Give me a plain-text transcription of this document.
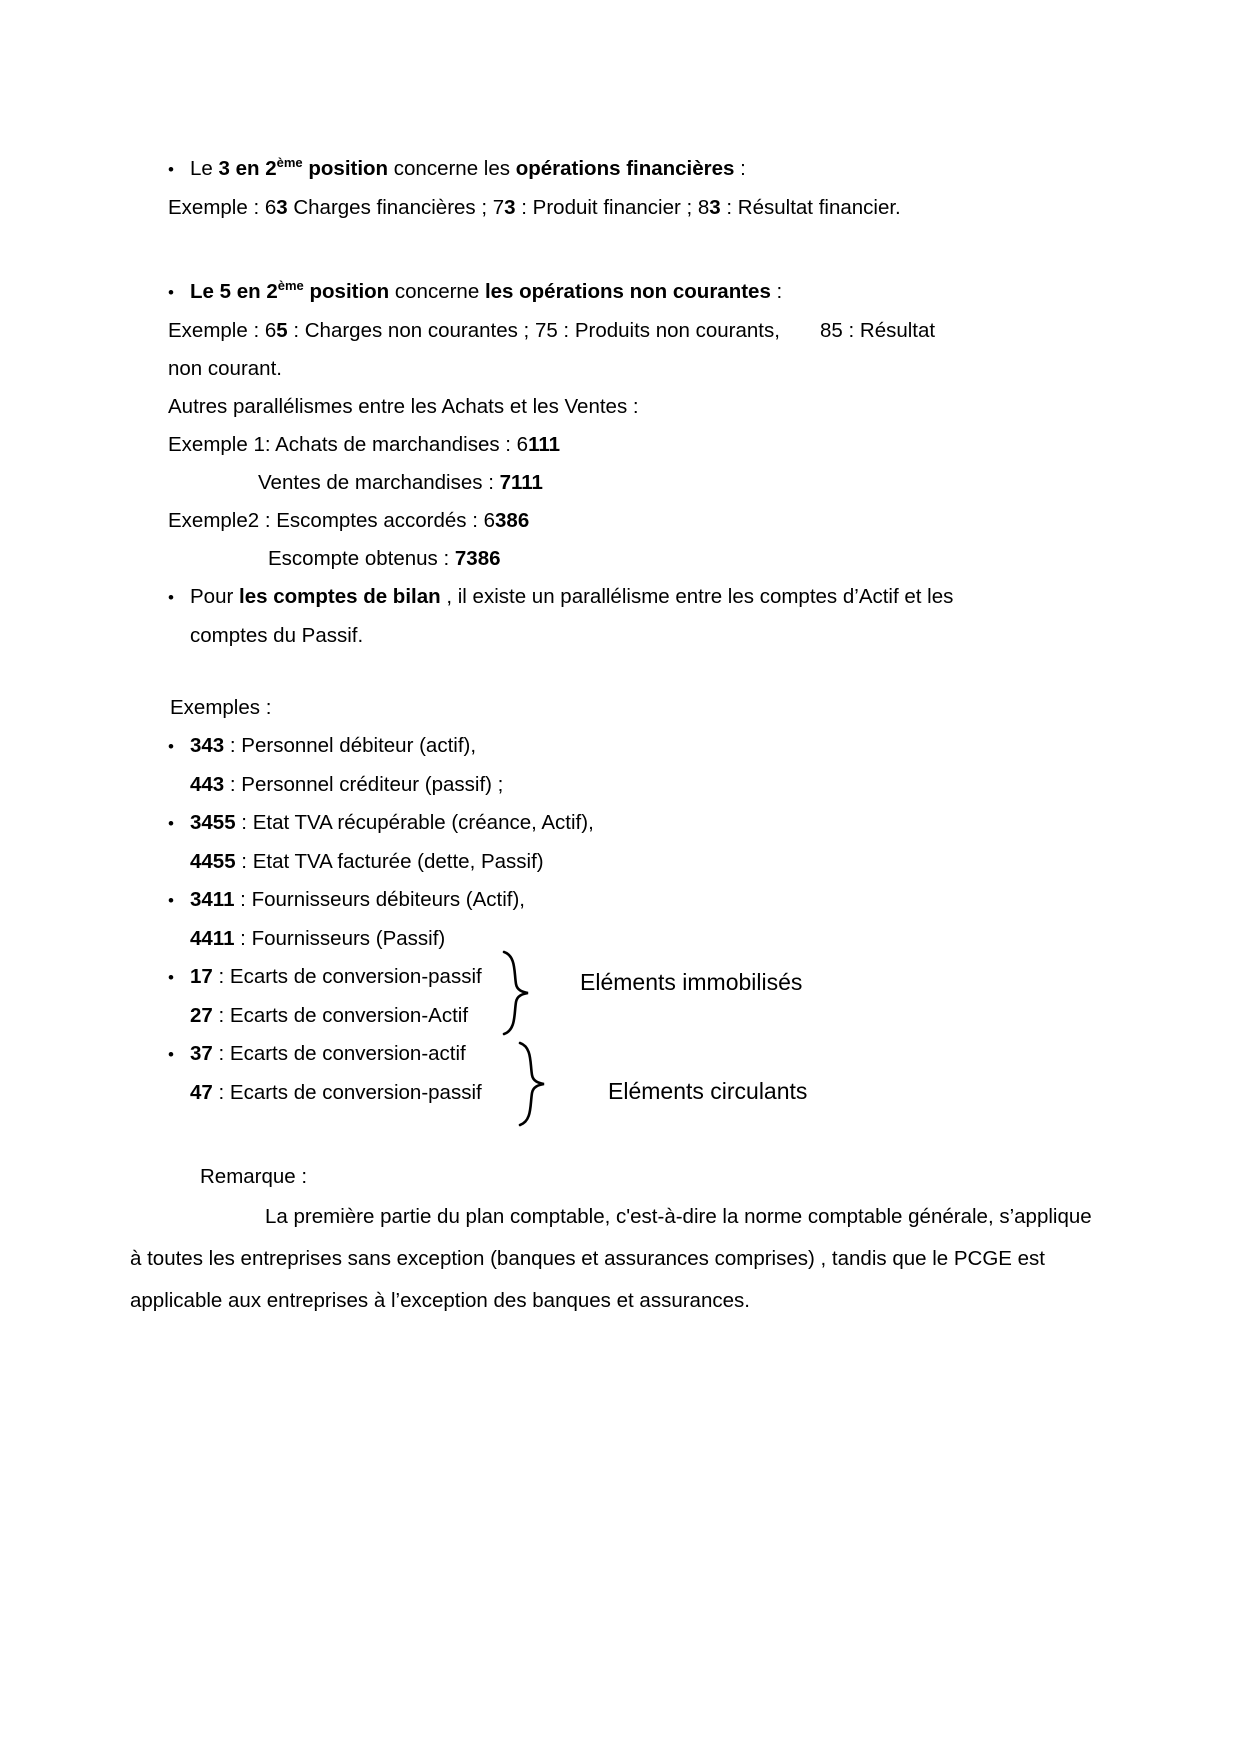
•
Le 3 en 2ème position concerne les opérations financières :
Exemple : 63 Charges financières ; 73 : Produit financier ; 83 : Résultat financier.
•
Le 5 en 2ème position concerne les opérations non courantes :
Exemple : 65 : Charges non courantes ; 75 : Produits non courants, 85 : Résultat
non courant.
Autres parallélismes entre les Achats et les Ventes :
Exemple 1: Achats de marchandises : 6111
Ventes de marchandises : 7111
Exemple2 : Escomptes accordés : 6386
Escompte obtenus : 7386
•
Pour les comptes de bilan , il existe un parallélisme entre les comptes d’Actif et les
comptes du Passif.
Exemples :
•
343 : Personnel débiteur (actif),
443 : Personnel créditeur (passif) ;
•
3455 : Etat TVA récupérable (créance, Actif),
4455 : Etat TVA facturée (dette, Passif)
•
3411 : Fournisseurs débiteurs (Actif),
4411 : Fournisseurs (Passif)
•
17 : Ecarts de conversion-passif
27 : Ecarts de conversion-Actif
Eléments immobilisés
•
37 : Ecarts de conversion-actif
47 : Ecarts de conversion-passif	Eléments circulants
Remarque :
La première partie du plan comptable, c'est-à-dire la norme comptable générale, s’applique à toutes les entreprises sans exception (banques et assurances comprises) , tandis que le PCGE est applicable aux entreprises à l’exception des banques et assurances.
